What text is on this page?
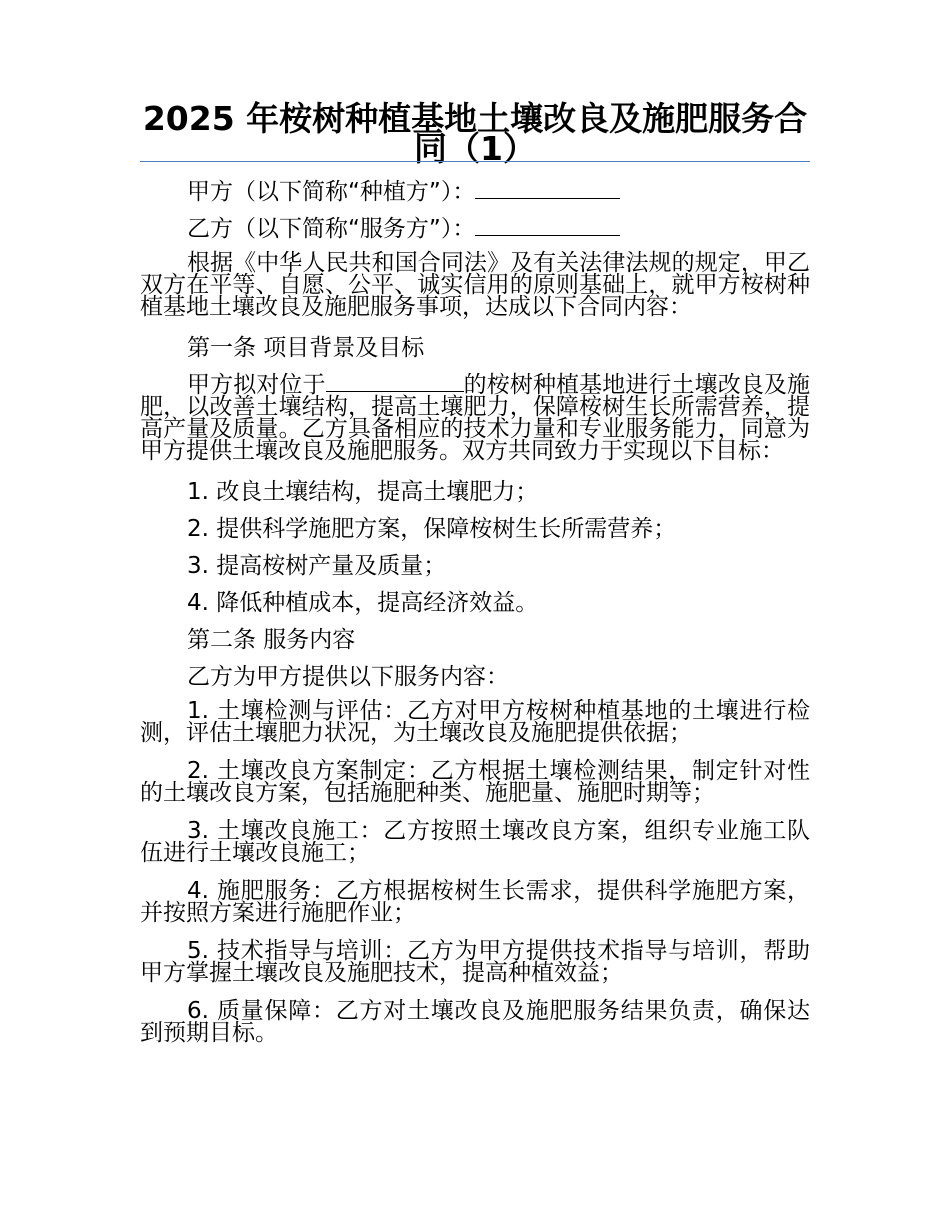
2025 年桉树种植基地土壤改良及施肥服务合同（1）

甲方（以下简称“种植方”）：

乙方（以下简称“服务方”）：

根据《中华人民共和国合同法》及有关法律法规的规定，甲乙双方在平等、自愿、公平、诚实信用的原则基础上，就甲方桉树种植基地土壤改良及施肥服务事项，达成以下合同内容：

第一条 项目背景及目标

甲方拟对位于	的桉树种植基地进行土壤改良及施肥，以改善土壤结构，提高土壤肥力，保障桉树生长所需营养，提高产量及质量。乙方具备相应的技术力量和专业服务能力，同意为甲方提供土壤改良及施肥服务。双方共同致力于实现以下目标：

1. 改良土壤结构，提高土壤肥力；

2. 提供科学施肥方案，保障桉树生长所需营养；

3. 提高桉树产量及质量；

4. 降低种植成本，提高经济效益。

第二条 服务内容

乙方为甲方提供以下服务内容：

1. 土壤检测与评估：乙方对甲方桉树种植基地的土壤进行检测，评估土壤肥力状况，为土壤改良及施肥提供依据；

2. 土壤改良方案制定：乙方根据土壤检测结果，制定针对性的土壤改良方案，包括施肥种类、施肥量、施肥时期等；

3. 土壤改良施工：乙方按照土壤改良方案，组织专业施工队伍进行土壤改良施工；

4. 施肥服务：乙方根据桉树生长需求，提供科学施肥方案，并按照方案进行施肥作业；

5. 技术指导与培训：乙方为甲方提供技术指导与培训，帮助甲方掌握土壤改良及施肥技术，提高种植效益；

6. 质量保障：乙方对土壤改良及施肥服务结果负责，确保达到预期目标。
